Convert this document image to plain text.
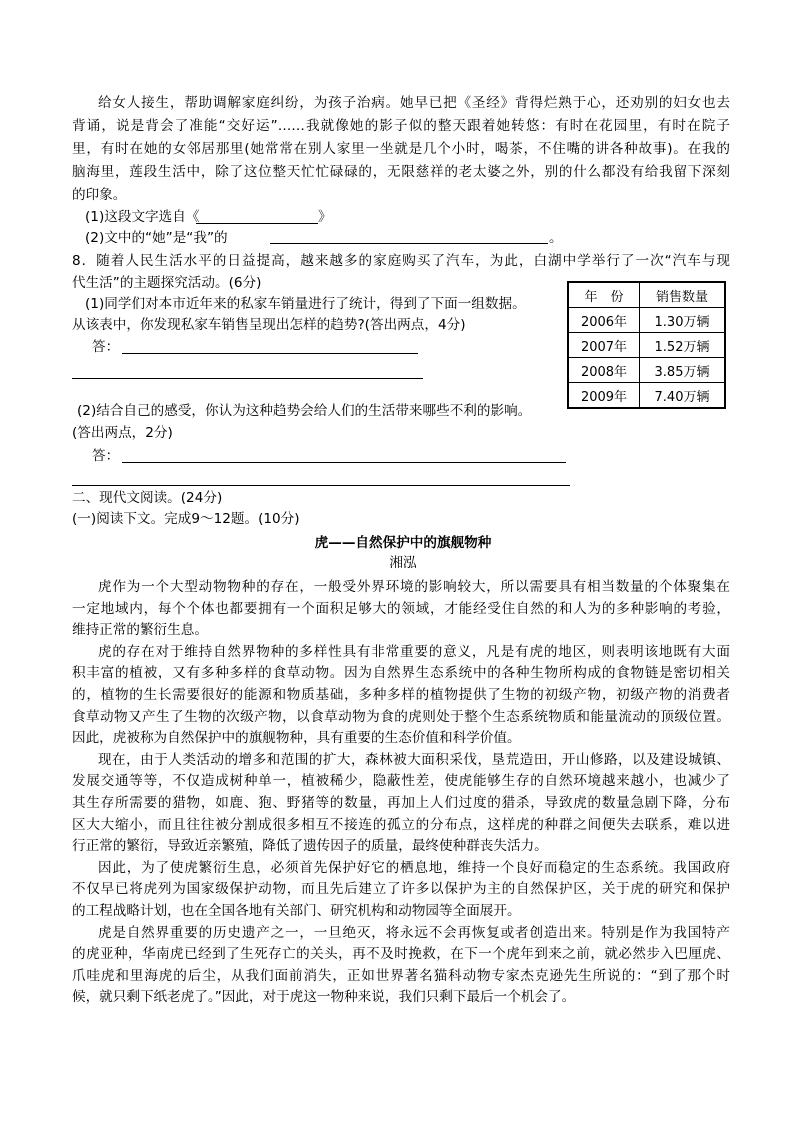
年　份	销售数量
2006年	1.30万辆
2007年	1.52万辆
2008年	3.85万辆
2009年	7.40万辆
给女人接生，帮助调解家庭纠纷，为孩子治病。她早已把《圣经》背得烂熟于心，还劝别的妇女也去
背诵，说是背会了准能“交好运”……我就像她的影子似的整天跟着她转悠：有时在花园里，有时在院子
里，有时在她的女邻居那里(她常常在别人家里一坐就是几个小时，喝茶，不住嘴的讲各种故事)。在我的
脑海里，莲段生活中，除了这位整天忙忙碌碌的，无限慈祥的老太婆之外，别的什么都没有给我留下深刻
的印象。
(1)这段文字选自《	》
(2)文中的“她”是“我”的	。
8．随着人民生活水平的日益提高，越来越多的家庭购买了汽车，为此，白湖中学举行了一次“汽车与现
代生活”的主题探究活动。(6分)
(1)同学们对本市近年来的私家车销量进行了统计，得到了下面一组数据。
从该表中，你发现私家车销售呈现出怎样的趋势?(答出两点，4分)
答：
(2)结合自己的感受，你认为这种趋势会给人们的生活带来哪些不利的影响。
(答出两点，2分)
答：
二、现代文阅读。(24分)
(一)阅读下文。完成9～12题。(10分)
虎——自然保护中的旗舰物种
湘泓
虎作为一个大型动物物种的存在，一般受外界环境的影响较大，所以需要具有相当数量的个体聚集在
一定地域内，每个个体也都要拥有一个面积足够大的领域，才能经受住自然的和人为的多种影响的考验，
维持正常的繁衍生息。
虎的存在对于维持自然界物种的多样性具有非常重要的意义，凡是有虎的地区，则表明该地既有大面
积丰富的植被，又有多种多样的食草动物。因为自然界生态系统中的各种生物所构成的食物链是密切相关
的，植物的生长需要很好的能源和物质基础，多种多样的植物提供了生物的初级产物，初级产物的消费者
食草动物又产生了生物的次级产物，以食草动物为食的虎则处于整个生态系统物质和能量流动的顶级位置。
因此，虎被称为自然保护中的旗舰物种，具有重要的生态价值和科学价值。
现在，由于人类活动的增多和范围的扩大，森林被大面积采伐，垦荒造田，开山修路，以及建设城镇、
发展交通等等，不仅造成树种单一，植被稀少，隐蔽性差，使虎能够生存的自然环境越来越小，也减少了
其生存所需要的猎物，如鹿、狍、野猪等的数量，再加上人们过度的猎杀，导致虎的数量急剧下降，分布
区大大缩小，而且往往被分割成很多相互不接连的孤立的分布点，这样虎的种群之间便失去联系，难以进
行正常的繁衍，导致近亲繁殖，降低了遗传因子的质量，最终使种群丧失活力。
因此，为了使虎繁衍生息，必须首先保护好它的栖息地，维持一个良好而稳定的生态系统。我国政府
不仅早已将虎列为国家级保护动物，而且先后建立了许多以保护为主的自然保护区，关于虎的研究和保护
的工程战略计划，也在全国各地有关部门、研究机构和动物园等全面展开。
虎是自然界重要的历史遗产之一，一旦绝灭，将永远不会再恢复或者创造出来。特别是作为我国特产
的虎亚种，华南虎已经到了生死存亡的关头，再不及时挽救，在下一个虎年到来之前，就必然步入巴厘虎、
爪哇虎和里海虎的后尘，从我们面前消失，正如世界著名猫科动物专家杰克逊先生所说的：“到了那个时
候，就只剩下纸老虎了。”因此，对于虎这一物种来说，我们只剩下最后一个机会了。
